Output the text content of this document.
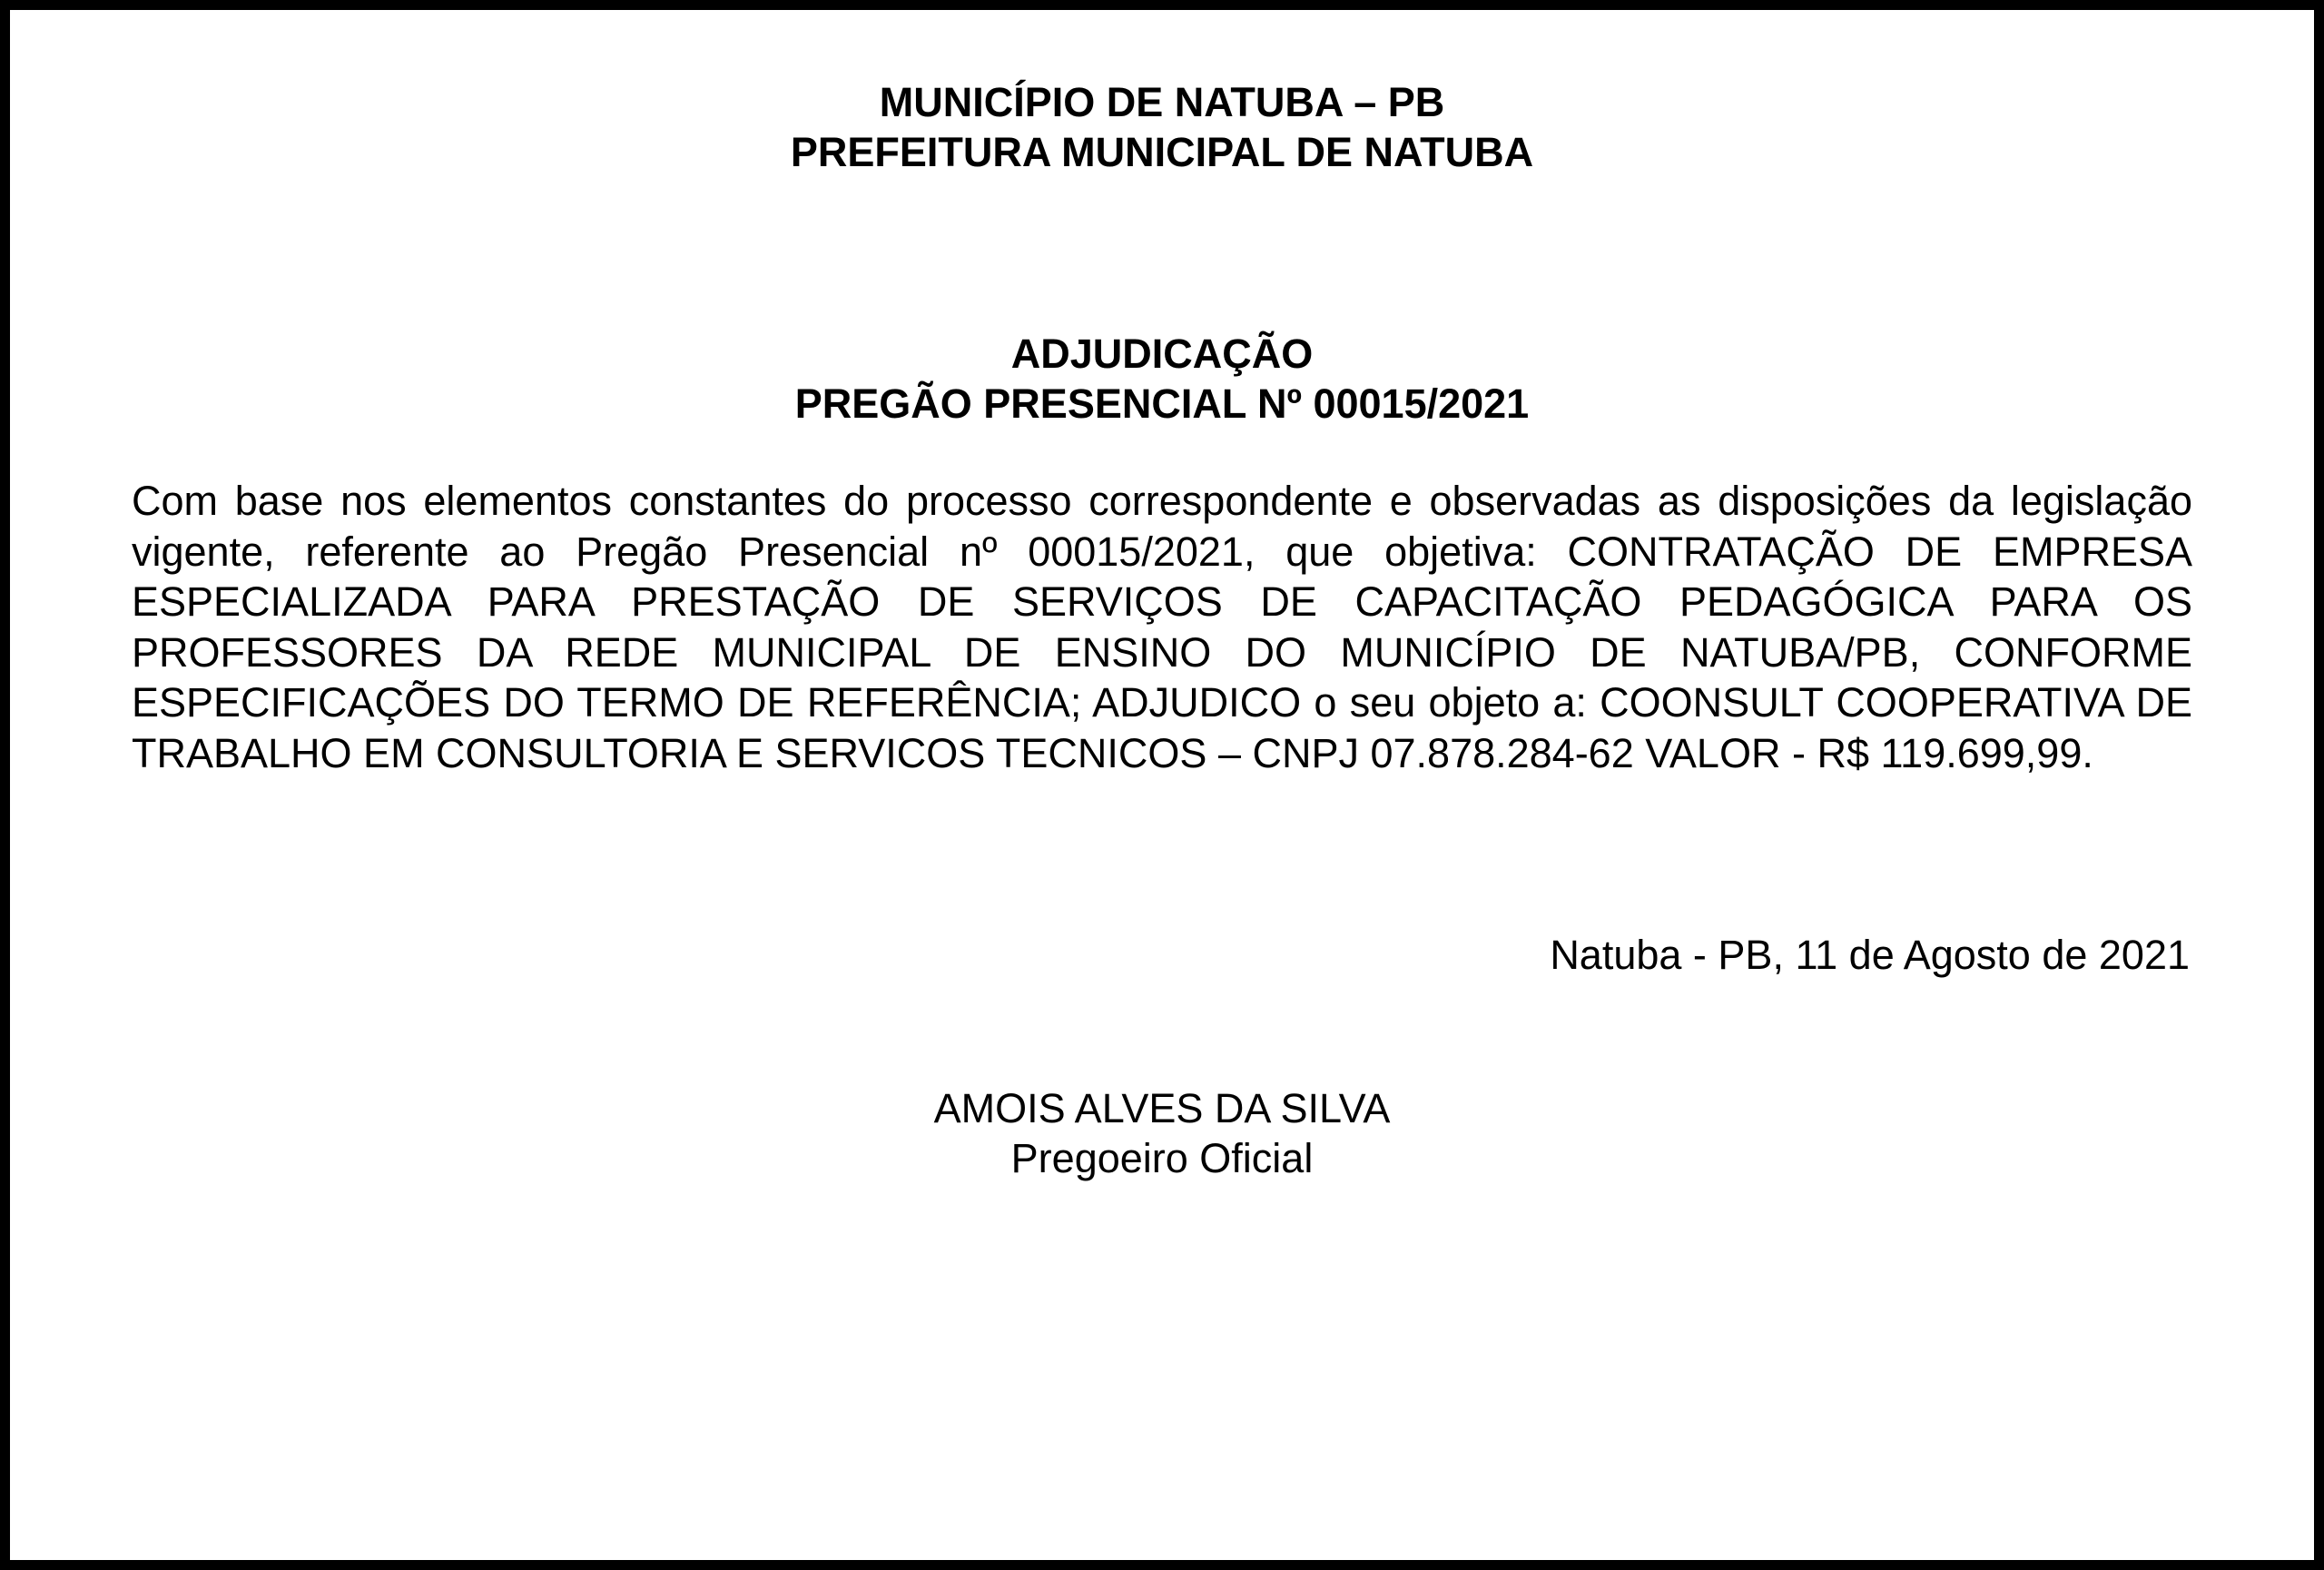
MUNICÍPIO DE NATUBA – PB
PREFEITURA MUNICIPAL DE NATUBA
ADJUDICAÇÃO
PREGÃO PRESENCIAL Nº 00015/2021
Com base nos elementos constantes do processo correspondente e observadas as disposições da legislação vigente, referente ao Pregão Presencial nº 00015/2021, que objetiva: CONTRATAÇÃO DE EMPRESA ESPECIALIZADA PARA PRESTAÇÃO DE SERVIÇOS DE CAPACITAÇÃO PEDAGÓGICA PARA OS PROFESSORES DA REDE MUNICIPAL DE ENSINO DO MUNICÍPIO DE NATUBA/PB, CONFORME ESPECIFICAÇÕES DO TERMO DE REFERÊNCIA; ADJUDICO o seu objeto a: COONSULT COOPERATIVA DE TRABALHO EM CONSULTORIA E SERVICOS TECNICOS – CNPJ 07.878.284-62 VALOR - R$ 119.699,99.
Natuba - PB, 11 de Agosto de 2021
AMOIS ALVES DA SILVA
Pregoeiro Oficial
